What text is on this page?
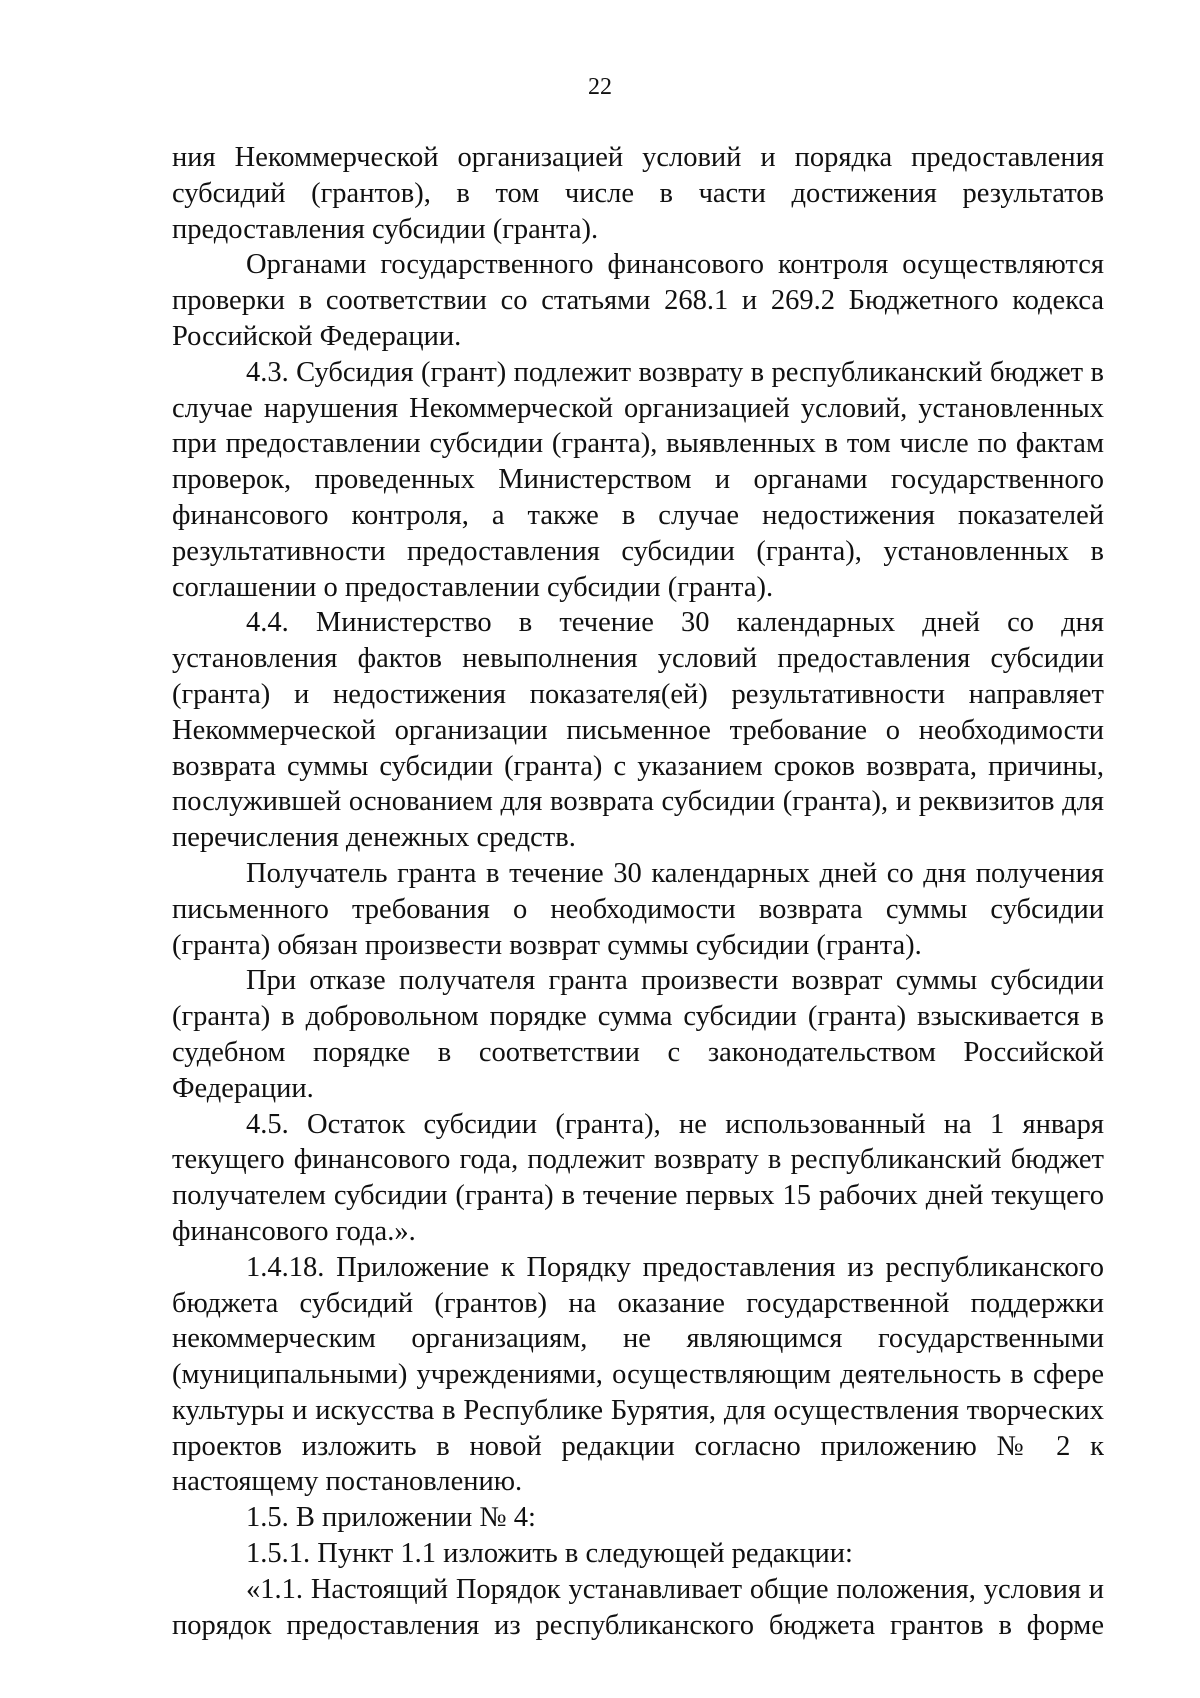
22

ния Некоммерческой организацией условий и порядка предоставления субсидий (грантов), в том числе в части достижения результатов предоставления субсидии (гранта).

Органами государственного финансового контроля осуществляются проверки в соответствии со статьями 268.1 и 269.2 Бюджетного кодекса Российской Федерации.

4.3. Субсидия (грант) подлежит возврату в республиканский бюджет в случае нарушения Некоммерческой организацией условий, установленных при предоставлении субсидии (гранта), выявленных в том числе по фактам проверок, проведенных Министерством и органами государственного финансового контроля, а также в случае недостижения показателей результативности предоставления субсидии (гранта), установленных в соглашении о предоставлении субсидии (гранта).

4.4. Министерство в течение 30 календарных дней со дня установления фактов невыполнения условий предоставления субсидии (гранта) и недостижения показателя(ей) результативности направляет Некоммерческой организации письменное требование о необходимости возврата суммы субсидии (гранта) с указанием сроков возврата, причины, послужившей основанием для возврата субсидии (гранта), и реквизитов для перечисления денежных средств.

Получатель гранта в течение 30 календарных дней со дня получения письменного требования о необходимости возврата суммы субсидии (гранта) обязан произвести возврат суммы субсидии (гранта).

При отказе получателя гранта произвести возврат суммы субсидии (гранта) в добровольном порядке сумма субсидии (гранта) взыскивается в судебном порядке в соответствии с законодательством Российской Федерации.

4.5. Остаток субсидии (гранта), не использованный на 1 января текущего финансового года, подлежит возврату в республиканский бюджет получателем субсидии (гранта) в течение первых 15 рабочих дней текущего финансового года.».

1.4.18. Приложение к Порядку предоставления из республиканского бюджета субсидий (грантов) на оказание государственной поддержки некоммерческим организациям, не являющимся государственными (муниципальными) учреждениями, осуществляющим деятельность в сфере культуры и искусства в Республике Бурятия, для осуществления творческих проектов изложить в новой редакции согласно приложению № 2 к настоящему постановлению.

1.5. В приложении № 4:

1.5.1. Пункт 1.1 изложить в следующей редакции:

«1.1. Настоящий Порядок устанавливает общие положения, условия и порядок предоставления из республиканского бюджета грантов в форме
